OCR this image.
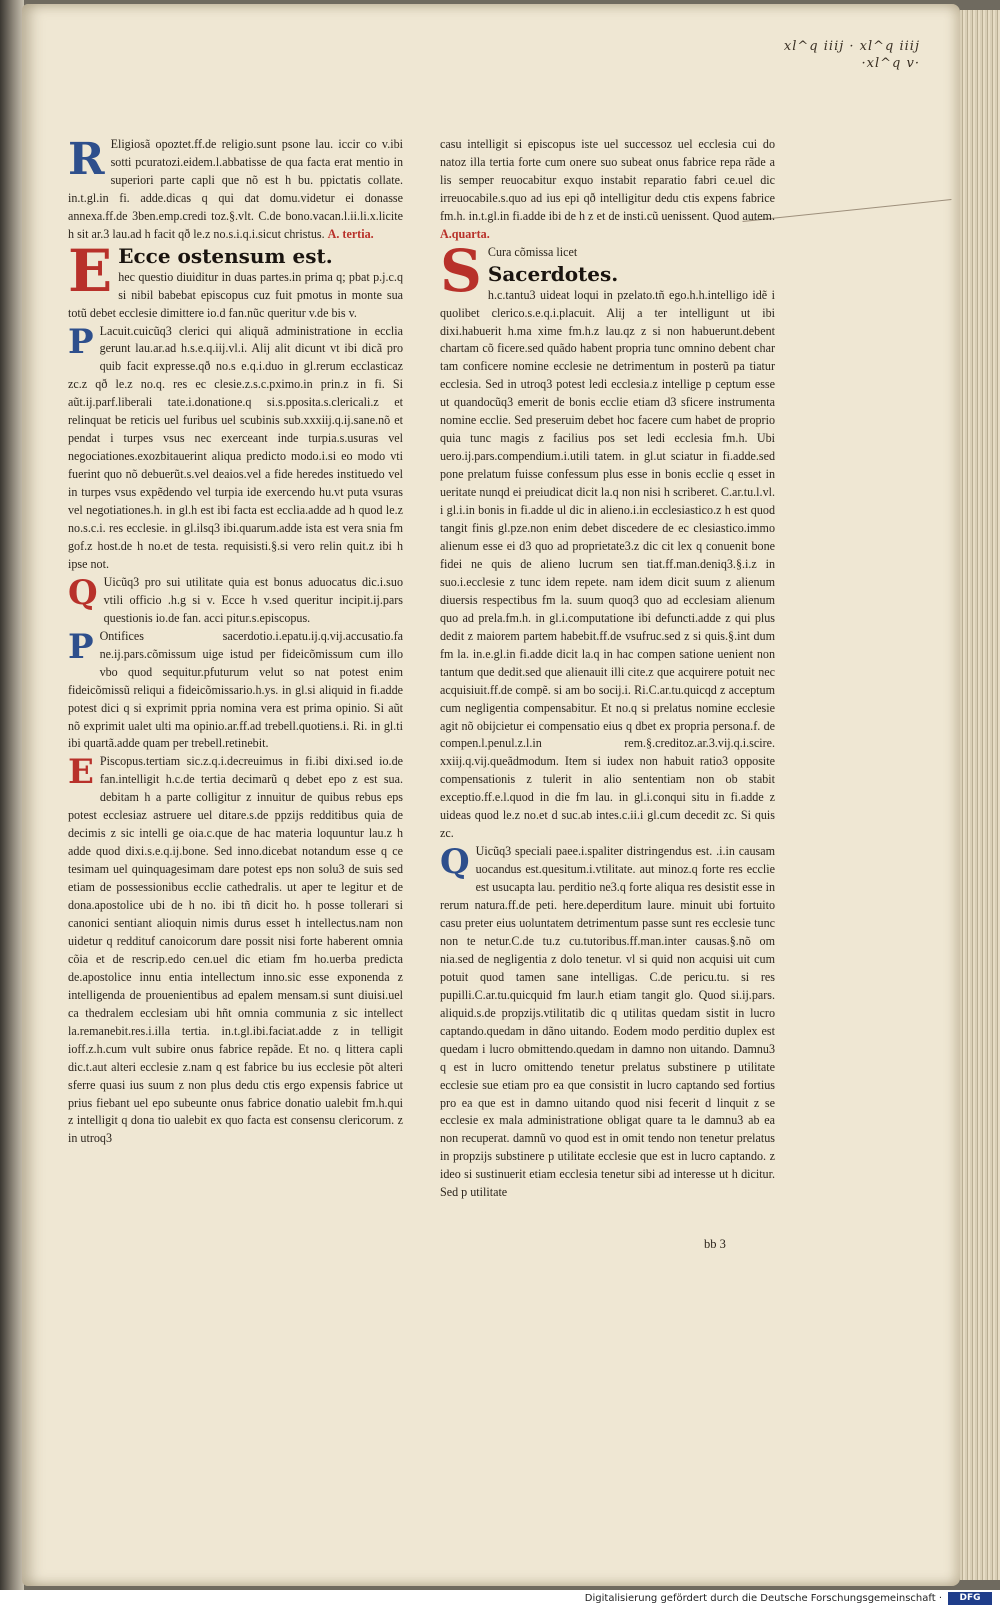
xl^q iiij · xl^q iiij
·xl^q v·

R Eligiosã opoztet.ff.de religio.sunt psone lau. iccir co v.ibi sotti pcuratozi.eidem.l.abbatisse de qua facta erat mentio in superiori parte capli que nõ est h bu. ppictatis collate. in.t.gl.in fi. adde.dicas q qui dat domu.videtur ei donasse annexa.ff.de 3ben.emp.credi toz.§.vlt. C.de bono.vacan.l.ii.li.x.licite h sit ar.3 lau.ad h facit qð le.z no.s.i.q.i.sicut christus. A. tertia.

E Ecce ostensum est.

hec questio diuiditur in duas partes.in prima q; pbat p.j.c.q si nibil babebat episcopus cuz fuit pmotus in monte sua totũ debet ecclesie dimittere io.d fan.nũc queritur v.de bis v.

P Lacuit.cuicũq3 clerici qui aliquã administratione in ecclia gerunt lau.ar.ad h.s.e.q.iij.vl.i. Alij alit dicunt vt ibi dicã pro quib facit expresse.qð no.s e.q.i.duo in gl.rerum ecclasticaz zc.z qð le.z no.q. res ec clesie.z.s.c.pximo.in prin.z in fi. Si aũt.ij.parf.liberali tate.i.donatione.q si.s.pposita.s.clericali.z et relinquat be reticis uel furibus uel scubinis sub.xxxiij.q.ij.sane.nõ et pendat i turpes vsus nec exerceant inde turpia.s.usuras vel negociationes.exozbitauerint aliqua predicto modo.i.si eo modo vti fuerint quo nõ debuerũt.s.vel deaios.vel a fide heredes instituedo vel in turpes vsus expẽdendo vel turpia ide exercendo hu.vt puta vsuras vel negotiationes.h. in gl.h est ibi facta est ecclia.adde ad h quod le.z no.s.c.i. res ecclesie. in gl.ilsq3 ibi.quarum.adde ista est vera snia fm gof.z host.de h no.et de testa. requisisti.§.si vero relin quit.z ibi h ipse not.

Q Uicũq3 pro sui utilitate quia est bonus aduocatus dic.i.suo vtili officio .h.g si v. Ecce h v.sed queritur incipit.ij.pars questionis io.de fan. acci pitur.s.episcopus.

P Ontifices sacerdotio.i.epatu.ij.q.vij.accusatio.fa ne.ij.pars.cõmissum uige istud per fideicõmissum cum illo vbo quod sequitur.pfuturum velut so nat potest enim fideicõmissũ reliqui a fideicõmissario.h.ys. in gl.si aliquid in fi.adde potest dici q si exprimit ppria nomina vera est prima opinio. Si aũt nõ exprimit ualet ulti ma opinio.ar.ff.ad trebell.quotiens.i. Ri. in gl.ti ibi quartã.adde quam per trebell.retinebit.

E Piscopus.tertiam sic.z.q.i.decreuimus in fi.ibi dixi.sed io.de fan.intelligit h.c.de tertia decimarũ q debet epo z est sua. debitam h a parte colligitur z innuitur de quibus rebus eps potest ecclesiaz astruere uel ditare.s.de ppzijs redditibus quia de decimis z sic intelli ge oia.c.que de hac materia loquuntur lau.z h adde quod dixi.s.e.q.ij.bone. Sed inno.dicebat notandum esse q ce tesimam uel quinquagesimam dare potest eps non solu3 de suis sed etiam de possessionibus ecclie cathedralis. ut aper te legitur et de dona.apostolice ubi de h no. ibi tñ dicit ho. h posse tollerari si canonici sentiant alioquin nimis durus esset h intellectus.nam non uidetur q reddituf canoicorum dare possit nisi forte haberent omnia cõia et de rescrip.edo cen.uel dic etiam fm ho.uerba predicta de.apostolice innu entia intellectum inno.sic esse exponenda z intelligenda de prouenientibus ad epalem mensam.si sunt diuisi.uel ca thedralem ecclesiam ubi hñt omnia communia z sic intellect la.remanebit.res.i.illa tertia. in.t.gl.ibi.faciat.adde z in telligit ioff.z.h.cum vult subire onus fabrice repãde. Et no. q littera capli dic.t.aut alteri ecclesie z.nam q est fabrice bu ius ecclesie põt alteri sferre quasi ius suum z non plus dedu ctis ergo expensis fabrice ut prius fiebant uel epo subeunte onus fabrice donatio ualebit fm.h.qui z intelligit q dona tio ualebit ex quo facta est consensu clericorum. z in utroq3

casu intelligit si episcopus iste uel successoz uel ecclesia cui do natoz illa tertia forte cum onere suo subeat onus fabrice repa rãde a lis semper reuocabitur exquo instabit reparatio fabri ce.uel dic irreuocabile.s.quo ad ius epi qð intelligitur dedu ctis expens fabrice fm.h. in.t.gl.in fi.adde ibi de h z et de insti.cũ uenissent. Quod autem. A.quarta.

S Cura cõmissa licet
Sacerdotes.

h.c.tantu3 uideat loqui in pzelato.tñ ego.h.h.intelligo idẽ i quolibet clerico.s.e.q.i.placuit. Alij a ter intelligunt ut ibi dixi.habuerit h.ma xime fm.h.z lau.qz z si non habuerunt.debent chartam cõ ficere.sed quãdo habent propria tunc omnino debent char tam conficere nomine ecclesie ne detrimentum in posterũ pa tiatur ecclesia. Sed in utroq3 potest ledi ecclesia.z intellige p ceptum esse ut quandocũq3 emerit de bonis ecclie etiam d3 sficere instrumenta nomine ecclie. Sed preseruim debet hoc facere cum habet de proprio quia tunc magis z facilius pos set ledi ecclesia fm.h. Ubi uero.ij.pars.compendium.i.utili tatem. in gl.ut sciatur in fi.adde.sed pone prelatum fuisse confessum plus esse in bonis ecclie q esset in ueritate nunqd ei preiudicat dicit la.q non nisi h scriberet. C.ar.tu.l.vl. i gl.i.in bonis in fi.adde ul dic in alieno.i.in ecclesiastico.z h est quod tangit finis gl.pze.non enim debet discedere de ec clesiastico.immo alienum esse ei d3 quo ad proprietate3.z dic cit lex q conuenit bone fidei ne quis de alieno lucrum sen tiat.ff.man.deniq3.§.i.z in suo.i.ecclesie z tunc idem repete. nam idem dicit suum z alienum diuersis respectibus fm la. suum quoq3 quo ad ecclesiam alienum quo ad prela.fm.h. in gl.i.computatione ibi defuncti.adde z qui plus dedit z maiorem partem habebit.ff.de vsufruc.sed z si quis.§.int dum fm la. in.e.gl.in fi.adde dicit la.q in hac compen satione uenient non tantum que dedit.sed que alienauit illi cite.z que acquirere potuit nec acquisiuit.ff.de compẽ. si am bo socij.i. Ri.C.ar.tu.quicqd z acceptum cum negligentia compensabitur. Et no.q si prelatus nomine ecclesie agit nõ obijcietur ei compensatio eius q dbet ex propria persona.f. de compen.l.penul.z.l.in rem.§.creditoz.ar.3.vij.q.i.scire. xxiij.q.vij.queãdmodum. Item si iudex non habuit ratio3 opposite compensationis z tulerit in alio sententiam non ob stabit exceptio.ff.e.l.quod in die fm lau. in gl.i.conqui situ in fi.adde z uideas quod le.z no.et d suc.ab intes.c.ii.i gl.cum decedit zc. Si quis zc.

Q Uicũq3 speciali paee.i.spaliter distringendus est. .i.in causam uocandus est.quesitum.i.vtilitate. aut minoz.q forte res ecclie est usucapta lau. perditio ne3.q forte aliqua res desistit esse in rerum natura.ff.de peti. here.deperditum laure. minuit ubi fortuito casu preter eius uoluntatem detrimentum passe sunt res ecclesie tunc non te netur.C.de tu.z cu.tutoribus.ff.man.inter causas.§.nõ om nia.sed de negligentia z dolo tenetur. vl si quid non acquisi uit cum potuit quod tamen sane intelligas. C.de pericu.tu. si res pupilli.C.ar.tu.quicquid fm laur.h etiam tangit glo. Quod si.ij.pars. aliquid.s.de propzijs.vtilitatib dic q utilitas quedam sistit in lucro captando.quedam in dãno uitando. Eodem modo perditio duplex est quedam i lucro obmittendo.quedam in damno non uitando. Damnu3 q est in lucro omittendo tenetur prelatus substinere p utilitate ecclesie sue etiam pro ea que consistit in lucro captando sed fortius pro ea que est in damno uitando quod nisi fecerit d linquit z se ecclesie ex mala administratione obligat quare ta le damnu3 ab ea non recuperat. damnũ vo quod est in omit tendo non tenetur prelatus in propzijs substinere p utilitate ecclesie que est in lucro captando. z ideo si sustinuerit etiam ecclesia tenetur sibi ad interesse ut h dicitur. Sed p utilitate

bb 3
Digitalisierung gefördert durch die Deutsche Forschungsgemeinschaft ·	DFG
